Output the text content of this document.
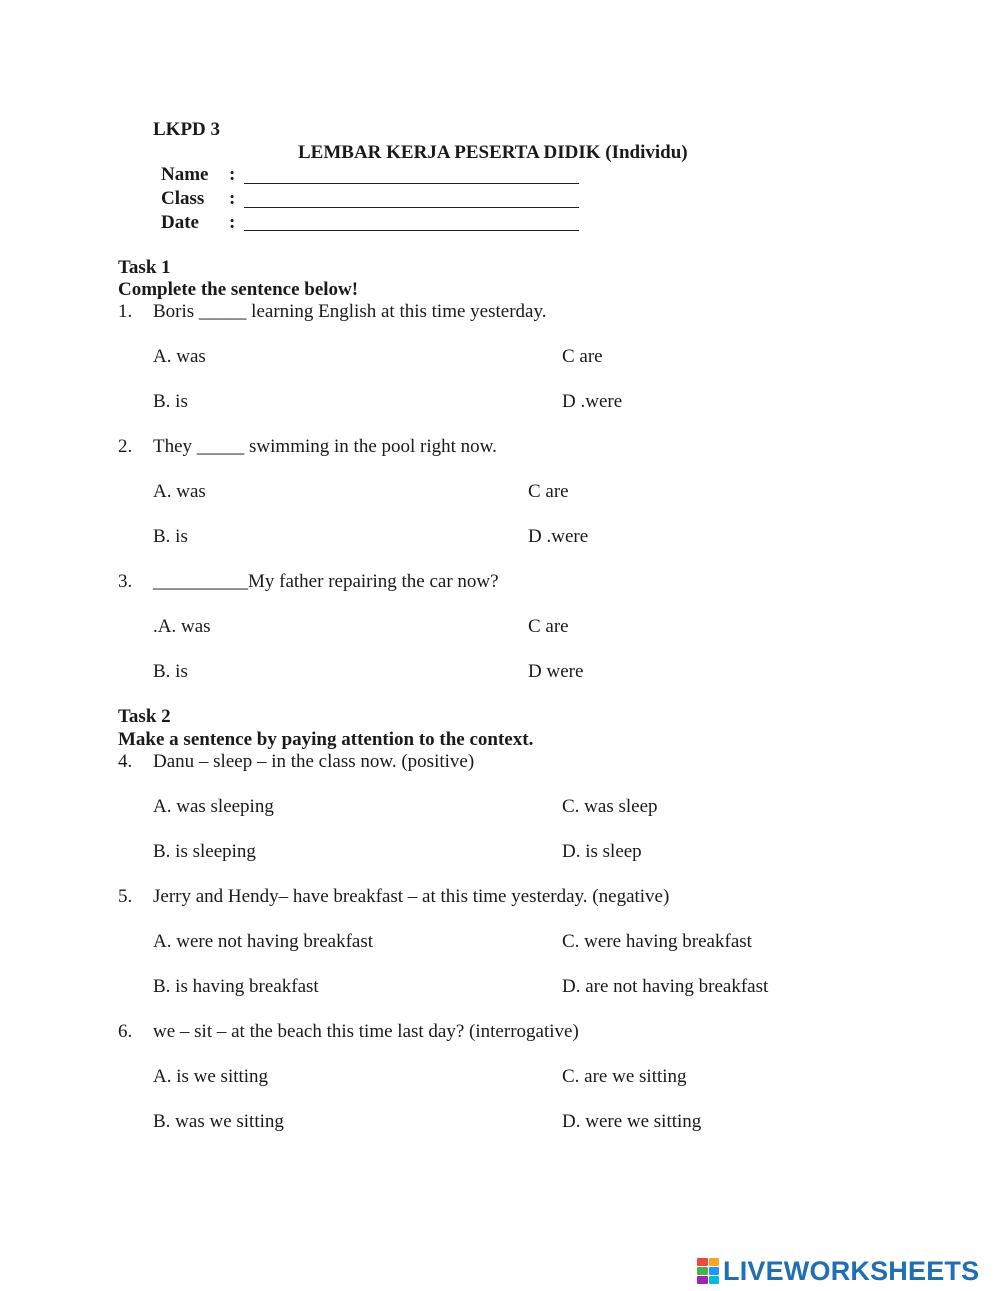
LKPD 3
LEMBAR KERJA PESERTA DIDIK (Individu)
Name :
Class :
Date :
Task 1
Complete the sentence below!
1. Boris _____ learning English at this time yesterday.
A. was	C are
B. is	D .were
2. They _____ swimming in the pool right now.
A. was	C are
B. is	D .were
3. __________My father repairing the car now?
.A. was	C are
B. is	D were
Task 2
Make a sentence by paying attention to the context.
4. Danu – sleep – in the class now. (positive)
A. was sleeping	C. was sleep
B. is sleeping	D. is sleep
5. Jerry and Hendy– have breakfast – at this time yesterday. (negative)
A. were not having breakfast	C. were having breakfast
B. is having breakfast	D. are not having breakfast
6. we – sit – at the beach this time last day? (interrogative)
A. is we sitting	C. are we sitting
B. was we sitting	D. were we sitting
LIVEWORKSHEETS
